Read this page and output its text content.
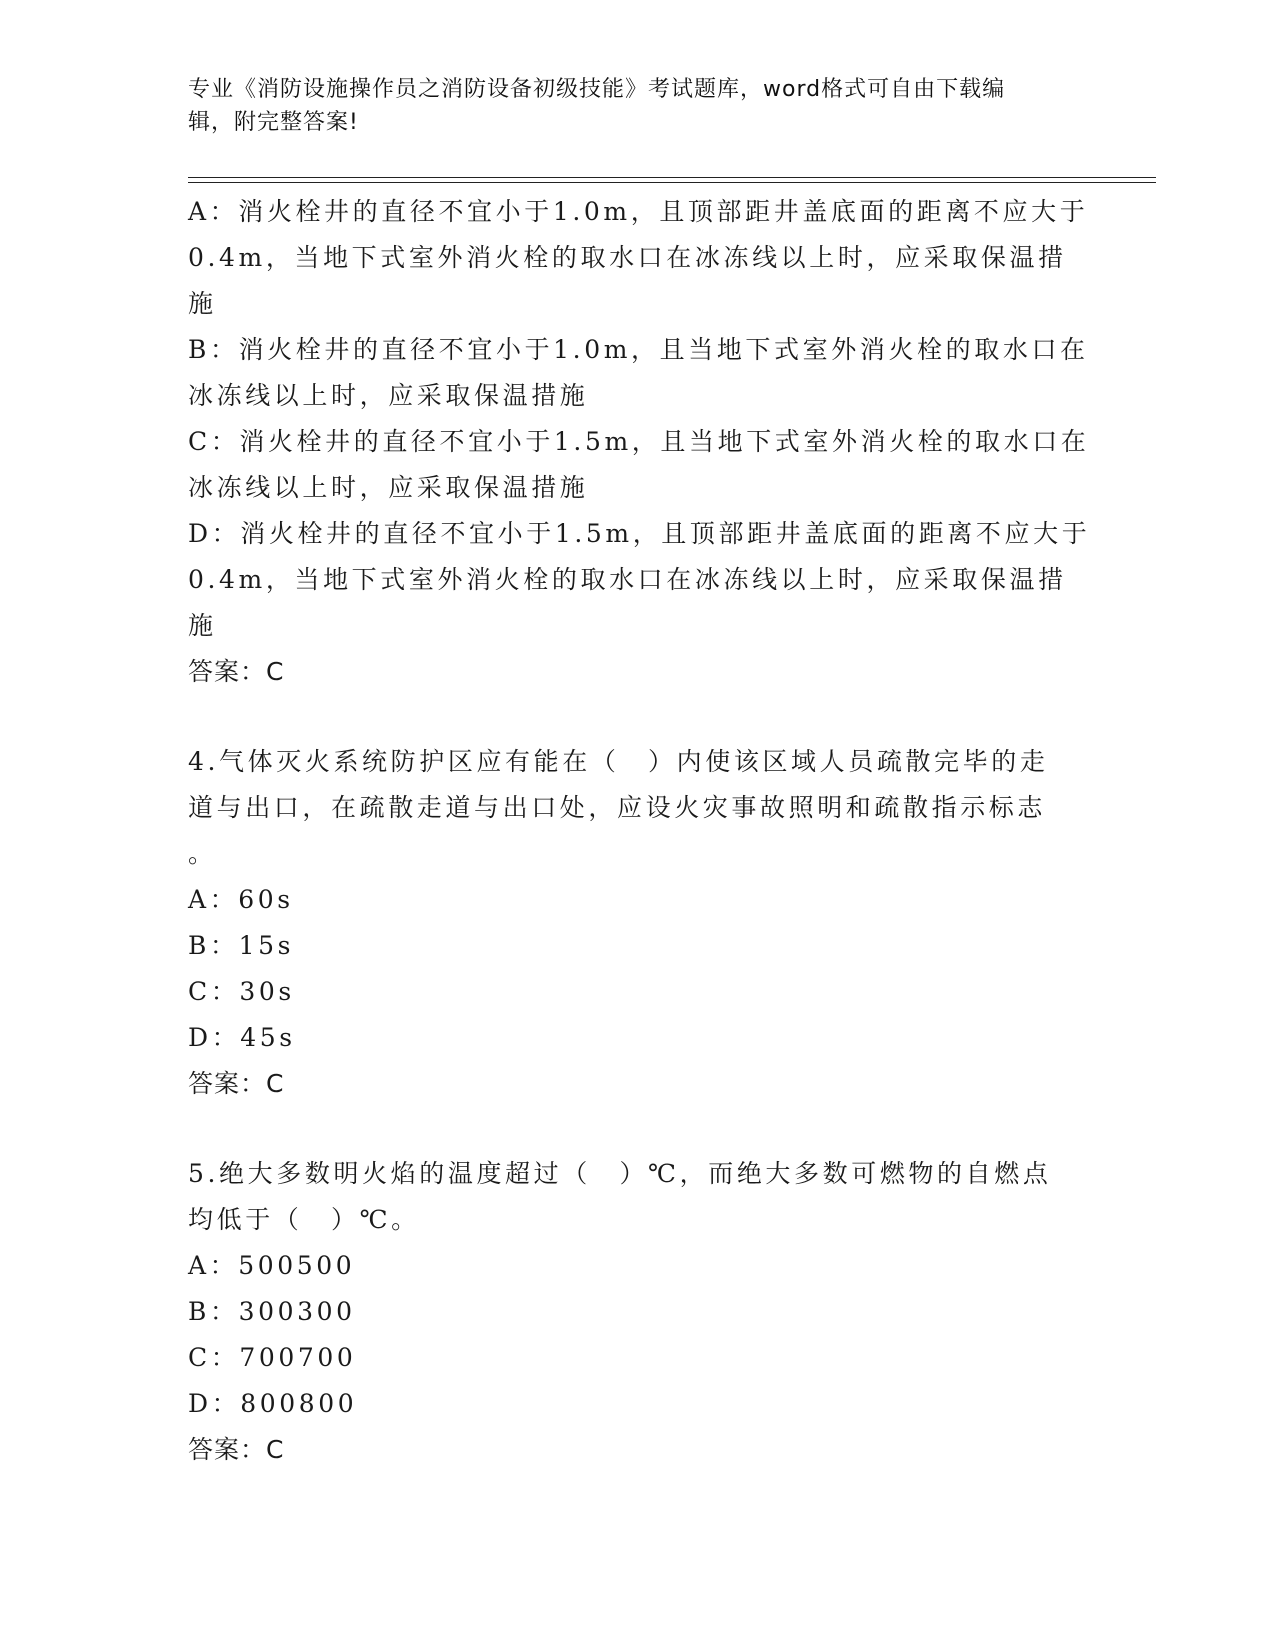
专业《消防设施操作员之消防设备初级技能》考试题库，word格式可自由下载编
辑，附完整答案!
A：消火栓井的直径不宜小于1.0m，且顶部距井盖底面的距离不应大于
0.4m，当地下式室外消火栓的取水口在冰冻线以上时，应采取保温措
施
B：消火栓井的直径不宜小于1.0m，且当地下式室外消火栓的取水口在
冰冻线以上时，应采取保温措施
C：消火栓井的直径不宜小于1.5m，且当地下式室外消火栓的取水口在
冰冻线以上时，应采取保温措施
D：消火栓井的直径不宜小于1.5m，且顶部距井盖底面的距离不应大于
0.4m，当地下式室外消火栓的取水口在冰冻线以上时，应采取保温措
施
答案：C
4.气体灭火系统防护区应有能在（　）内使该区域人员疏散完毕的走
道与出口，在疏散走道与出口处，应设火灾事故照明和疏散指示标志
。
A：60s
B：15s
C：30s
D：45s
答案：C
5.绝大多数明火焰的温度超过（　）℃，而绝大多数可燃物的自燃点
均低于（　）℃。
A：500500
B：300300
C：700700
D：800800
答案：C
